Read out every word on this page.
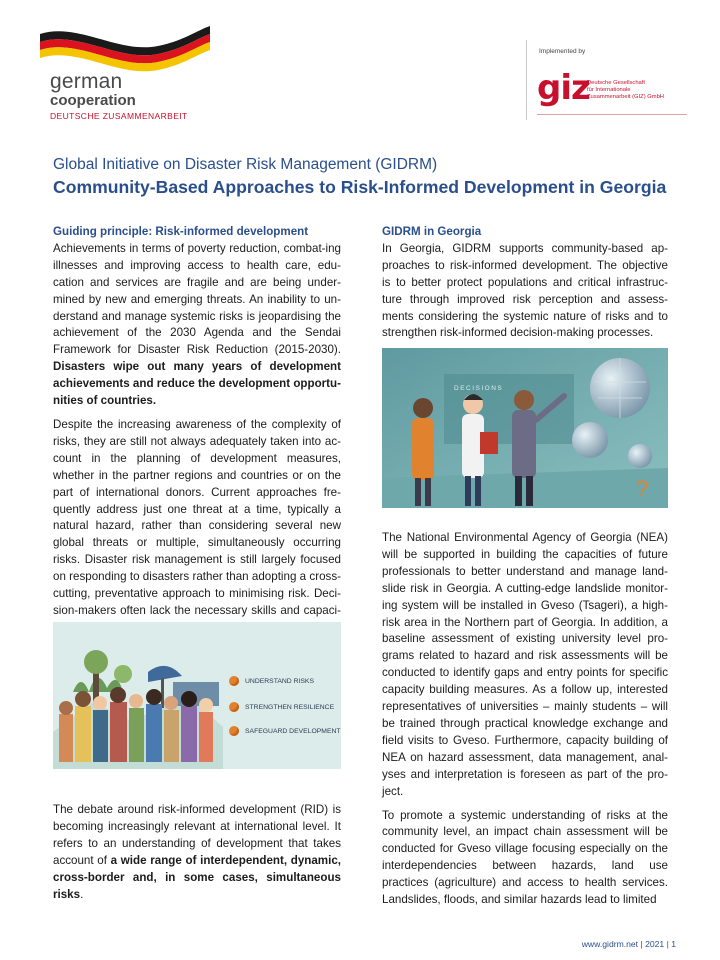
german
cooperation
DEUTSCHE ZUSAMMENARBEIT
Implemented by
giz
Deutsche Gesellschaft
für Internationale
Zusammenarbeit (GIZ) GmbH
Global Initiative on Disaster Risk Management (GIDRM)
Community-Based Approaches to Risk-Informed Development in Georgia
Guiding principle: Risk-informed development

Achievements in terms of poverty reduction, combat-ing illnesses and improving access to health care, edu-cation and services are fragile and are being under-mined by new and emerging threats. An inability to un-derstand and manage systemic risks is jeopardising the achievement of the 2030 Agenda and the Sendai Framework for Disaster Risk Reduction (2015-2030). Disasters wipe out many years of development achievements and reduce the development opportu-nities of countries.

Despite the increasing awareness of the complexity of risks, they are still not always adequately taken into ac-count in the planning of development measures, whether in the partner regions and countries or on the part of international donors. Current approaches fre-quently address just one threat at a time, typically a natural hazard, rather than considering several new global threats or multiple, simultaneously occurring risks. Disaster risk management is still largely focused on responding to disasters rather than adopting a cross-cutting, preventative approach to minimising risk. Deci-sion-makers often lack the necessary skills and capaci-

UNDERSTAND RISKS
STRENGTHEN RESILIENCE
SAFEGUARD DEVELOPMENT

The debate around risk-informed development (RID) is becoming increasingly relevant at international level. It refers to an understanding of development that takes account of a wide range of interdependent, dynamic, cross-border and, in some cases, simultaneous risks.

GIDRM in Georgia

In Georgia, GIDRM supports community-based ap-proaches to risk-informed development. The objective is to better protect populations and critical infrastruc-ture through improved risk perception and assess-ments considering the systemic nature of risks and to strengthen risk-informed decision-making processes.

DECISIONS
?

The National Environmental Agency of Georgia (NEA) will be supported in building the capacities of future professionals to better understand and manage land-slide risk in Georgia. A cutting-edge landslide monitor-ing system will be installed in Gveso (Tsageri), a high-risk area in the Northern part of Georgia. In addition, a baseline assessment of existing university level pro-grams related to hazard and risk assessments will be conducted to identify gaps and entry points for specific capacity building measures. As a follow up, interested representatives of universities – mainly students – will be trained through practical knowledge exchange and field visits to Gveso. Furthermore, capacity building of NEA on hazard assessment, data management, anal-yses and interpretation is foreseen as part of the pro-ject.

To promote a systemic understanding of risks at the community level, an impact chain assessment will be conducted for Gveso village focusing especially on the interdependencies between hazards, land use practices (agriculture) and access to health services. Landslides, floods, and similar hazards lead to limited

www.gidrm.net | 2021 | 1
